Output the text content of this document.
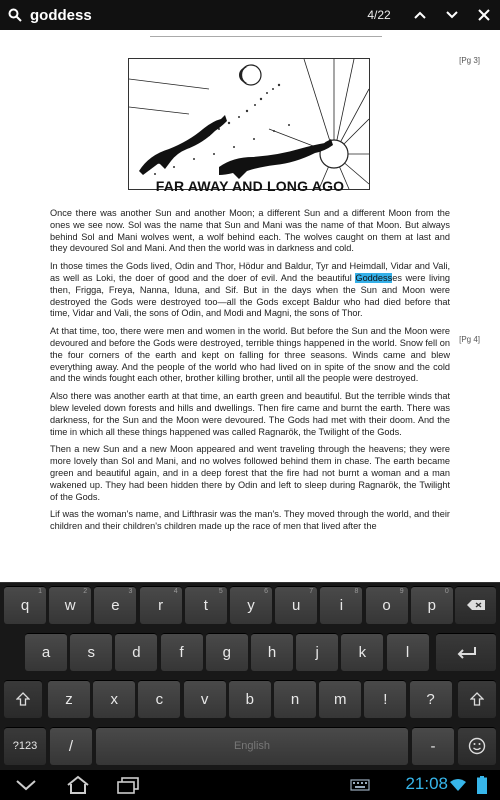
goddess	4/22
[Pg 3]
[Pg 4]
FAR AWAY AND LONG AGO

Once there was another Sun and another Moon; a different Sun and a different Moon from the ones we see now. Sol was the name that Sun and Mani was the name of that Moon. But always behind Sol and Mani wolves went, a wolf behind each. The wolves caught on them at last and they devoured Sol and Mani. And then the world was in darkness and cold.

In those times the Gods lived, Odin and Thor, Hödur and Baldur, Tyr and Heimdall, Vidar and Vali, as well as Loki, the doer of good and the doer of evil. And the beautiful Goddesses were living then, Frigga, Freya, Nanna, Iduna, and Sif. But in the days when the Sun and Moon were destroyed the Gods were destroyed too—all the Gods except Baldur who had died before that time, Vidar and Vali, the sons of Odin, and Modi and Magni, the sons of Thor.

At that time, too, there were men and women in the world. But before the Sun and the Moon were devoured and before the Gods were destroyed, terrible things happened in the world. Snow fell on the four corners of the earth and kept on falling for three seasons. Winds came and blew everything away. And the people of the world who had lived on in spite of the snow and the cold and the winds fought each other, brother killing brother, until all the people were destroyed.

Also there was another earth at that time, an earth green and beautiful. But the terrible winds that blew leveled down forests and hills and dwellings. Then fire came and burnt the earth. There was darkness, for the Sun and the Moon were devoured. The Gods had met with their doom. And the time in which all these things happened was called Ragnarök, the Twilight of the Gods.

Then a new Sun and a new Moon appeared and went traveling through the heavens; they were more lovely than Sol and Mani, and no wolves followed behind them in chase. The earth became green and beautiful again, and in a deep forest that the fire had not burnt a woman and a man wakened up. They had been hidden there by Odin and left to sleep during Ragnarök, the Twilight of the Gods.

Lif was the woman's name, and Lifthrasir was the man's. They moved through the world, and their children and their children's children made up the race of men that lived after the

q
1
w
2
e
3
r
4
t
5
y
6
u
7
i
8
o
9
p
0
a	s	d	f	g	h	j	k	l
z	x	c	v	b	n	m	!	?
?123	/	English	-
21:08
